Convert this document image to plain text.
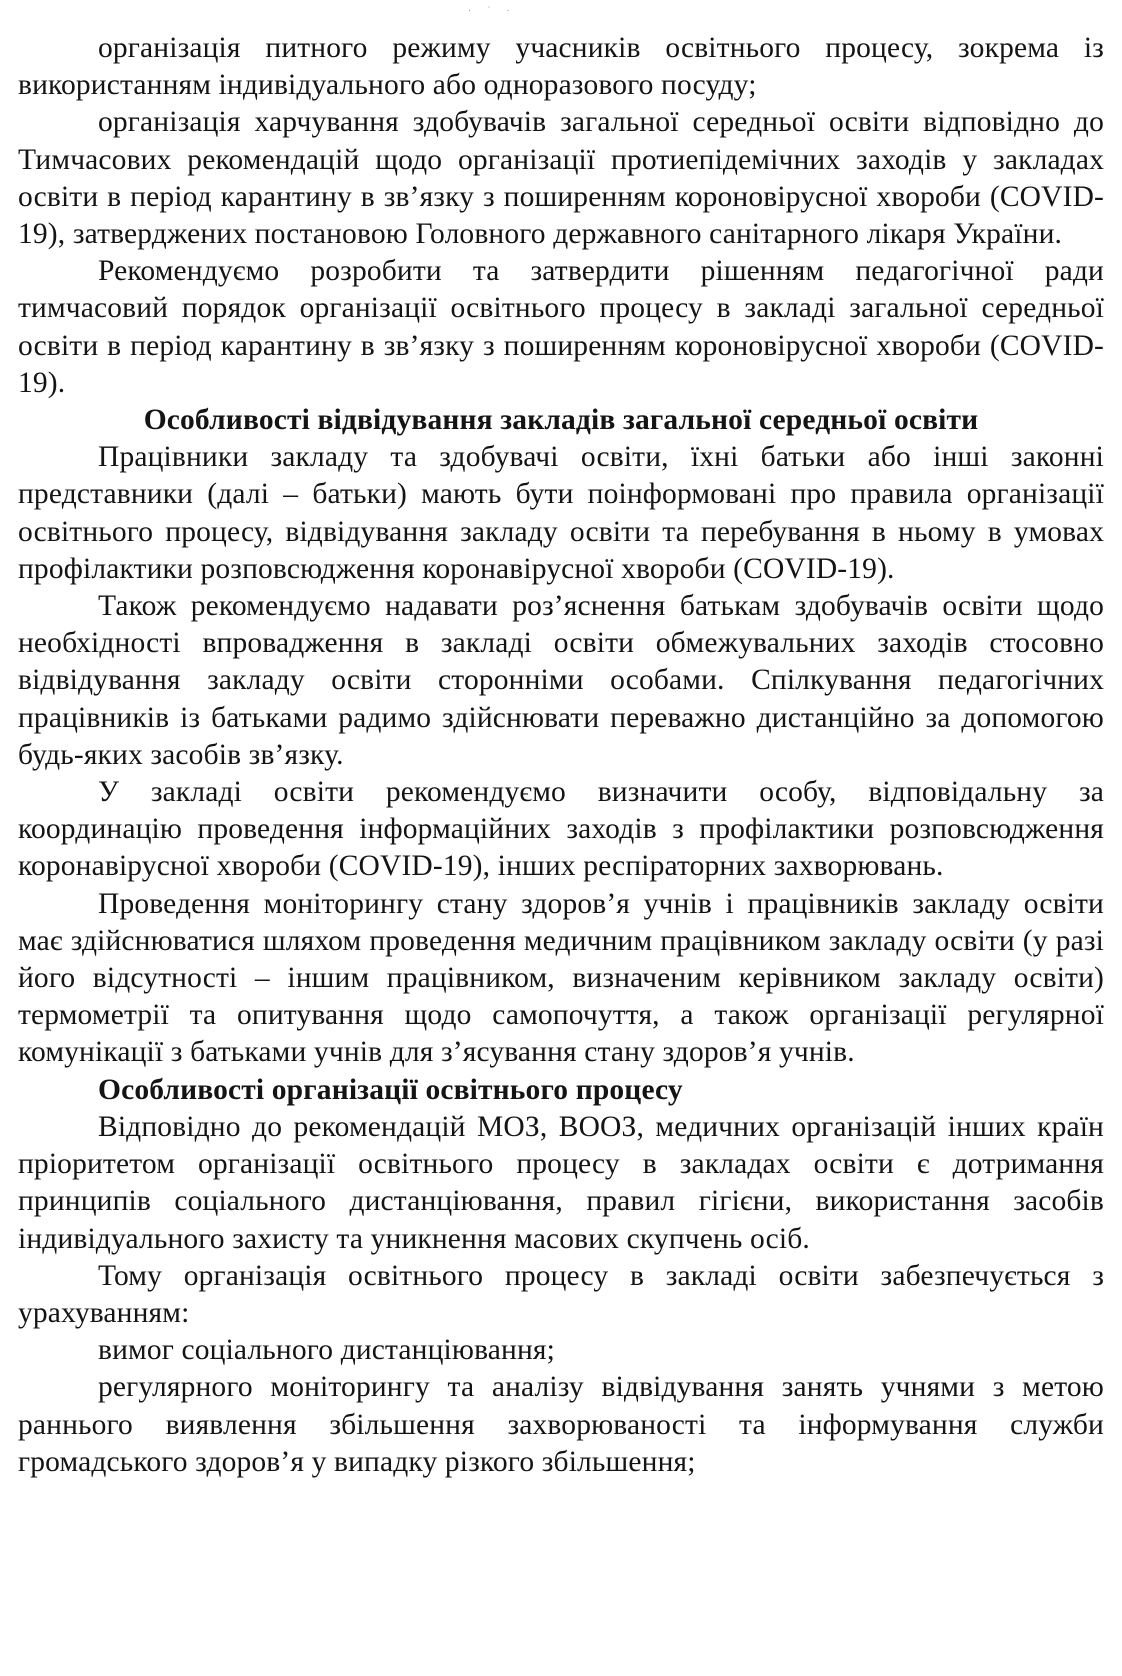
· ˙ ·

організація питного режиму учасників освітнього процесу, зокрема із використанням індивідуального або одноразового посуду;

організація харчування здобувачів загальної середньої освіти відповідно до Тимчасових рекомендацій щодо організації протиепідемічних заходів у закладах освіти в період карантину в зв’язку з поширенням короновірусної хвороби (COVID-19), затверджених постановою Головного державного санітарного лікаря України.

Рекомендуємо розробити та затвердити рішенням педагогічної ради тимчасовий порядок організації освітнього процесу в закладі загальної середньої освіти в період карантину в зв’язку з поширенням короновірусної хвороби (COVID-19).

Особливості відвідування закладів загальної середньої освіти

Працівники закладу та здобувачі освіти, їхні батьки або інші законні представники (далі – батьки) мають бути поінформовані про правила організації освітнього процесу, відвідування закладу освіти та перебування в ньому в умовах профілактики розповсюдження коронавірусної хвороби (COVID-19).

Також рекомендуємо надавати роз’яснення батькам здобувачів освіти щодо необхідності впровадження в закладі освіти обмежувальних заходів стосовно відвідування закладу освіти сторонніми особами. Спілкування педагогічних працівників із батьками радимо здійснювати переважно дистанційно за допомогою будь-яких засобів зв’язку.

У закладі освіти рекомендуємо визначити особу, відповідальну за координацію проведення інформаційних заходів з профілактики розповсюдження коронавірусної хвороби (COVID-19), інших респіраторних захворювань.

Проведення моніторингу стану здоров’я учнів і працівників закладу освіти має здійснюватися шляхом проведення медичним працівником закладу освіти (у разі його відсутності – іншим працівником, визначеним керівником закладу освіти) термометрії та опитування щодо самопочуття, а також організації регулярної комунікації з батьками учнів для з’ясування стану здоров’я учнів.

Особливості організації освітнього процесу

Відповідно до рекомендацій МОЗ, ВООЗ, медичних організацій інших країн пріоритетом організації освітнього процесу в закладах освіти є дотримання принципів соціального дистанціювання, правил гігієни, використання засобів індивідуального захисту та уникнення масових скупчень осіб.

Тому організація освітнього процесу в закладі освіти забезпечується з урахуванням:

вимог соціального дистанціювання;

регулярного моніторингу та аналізу відвідування занять учнями з метою раннього виявлення збільшення захворюваності та інформування служби громадського здоров’я у випадку різкого збільшення;
